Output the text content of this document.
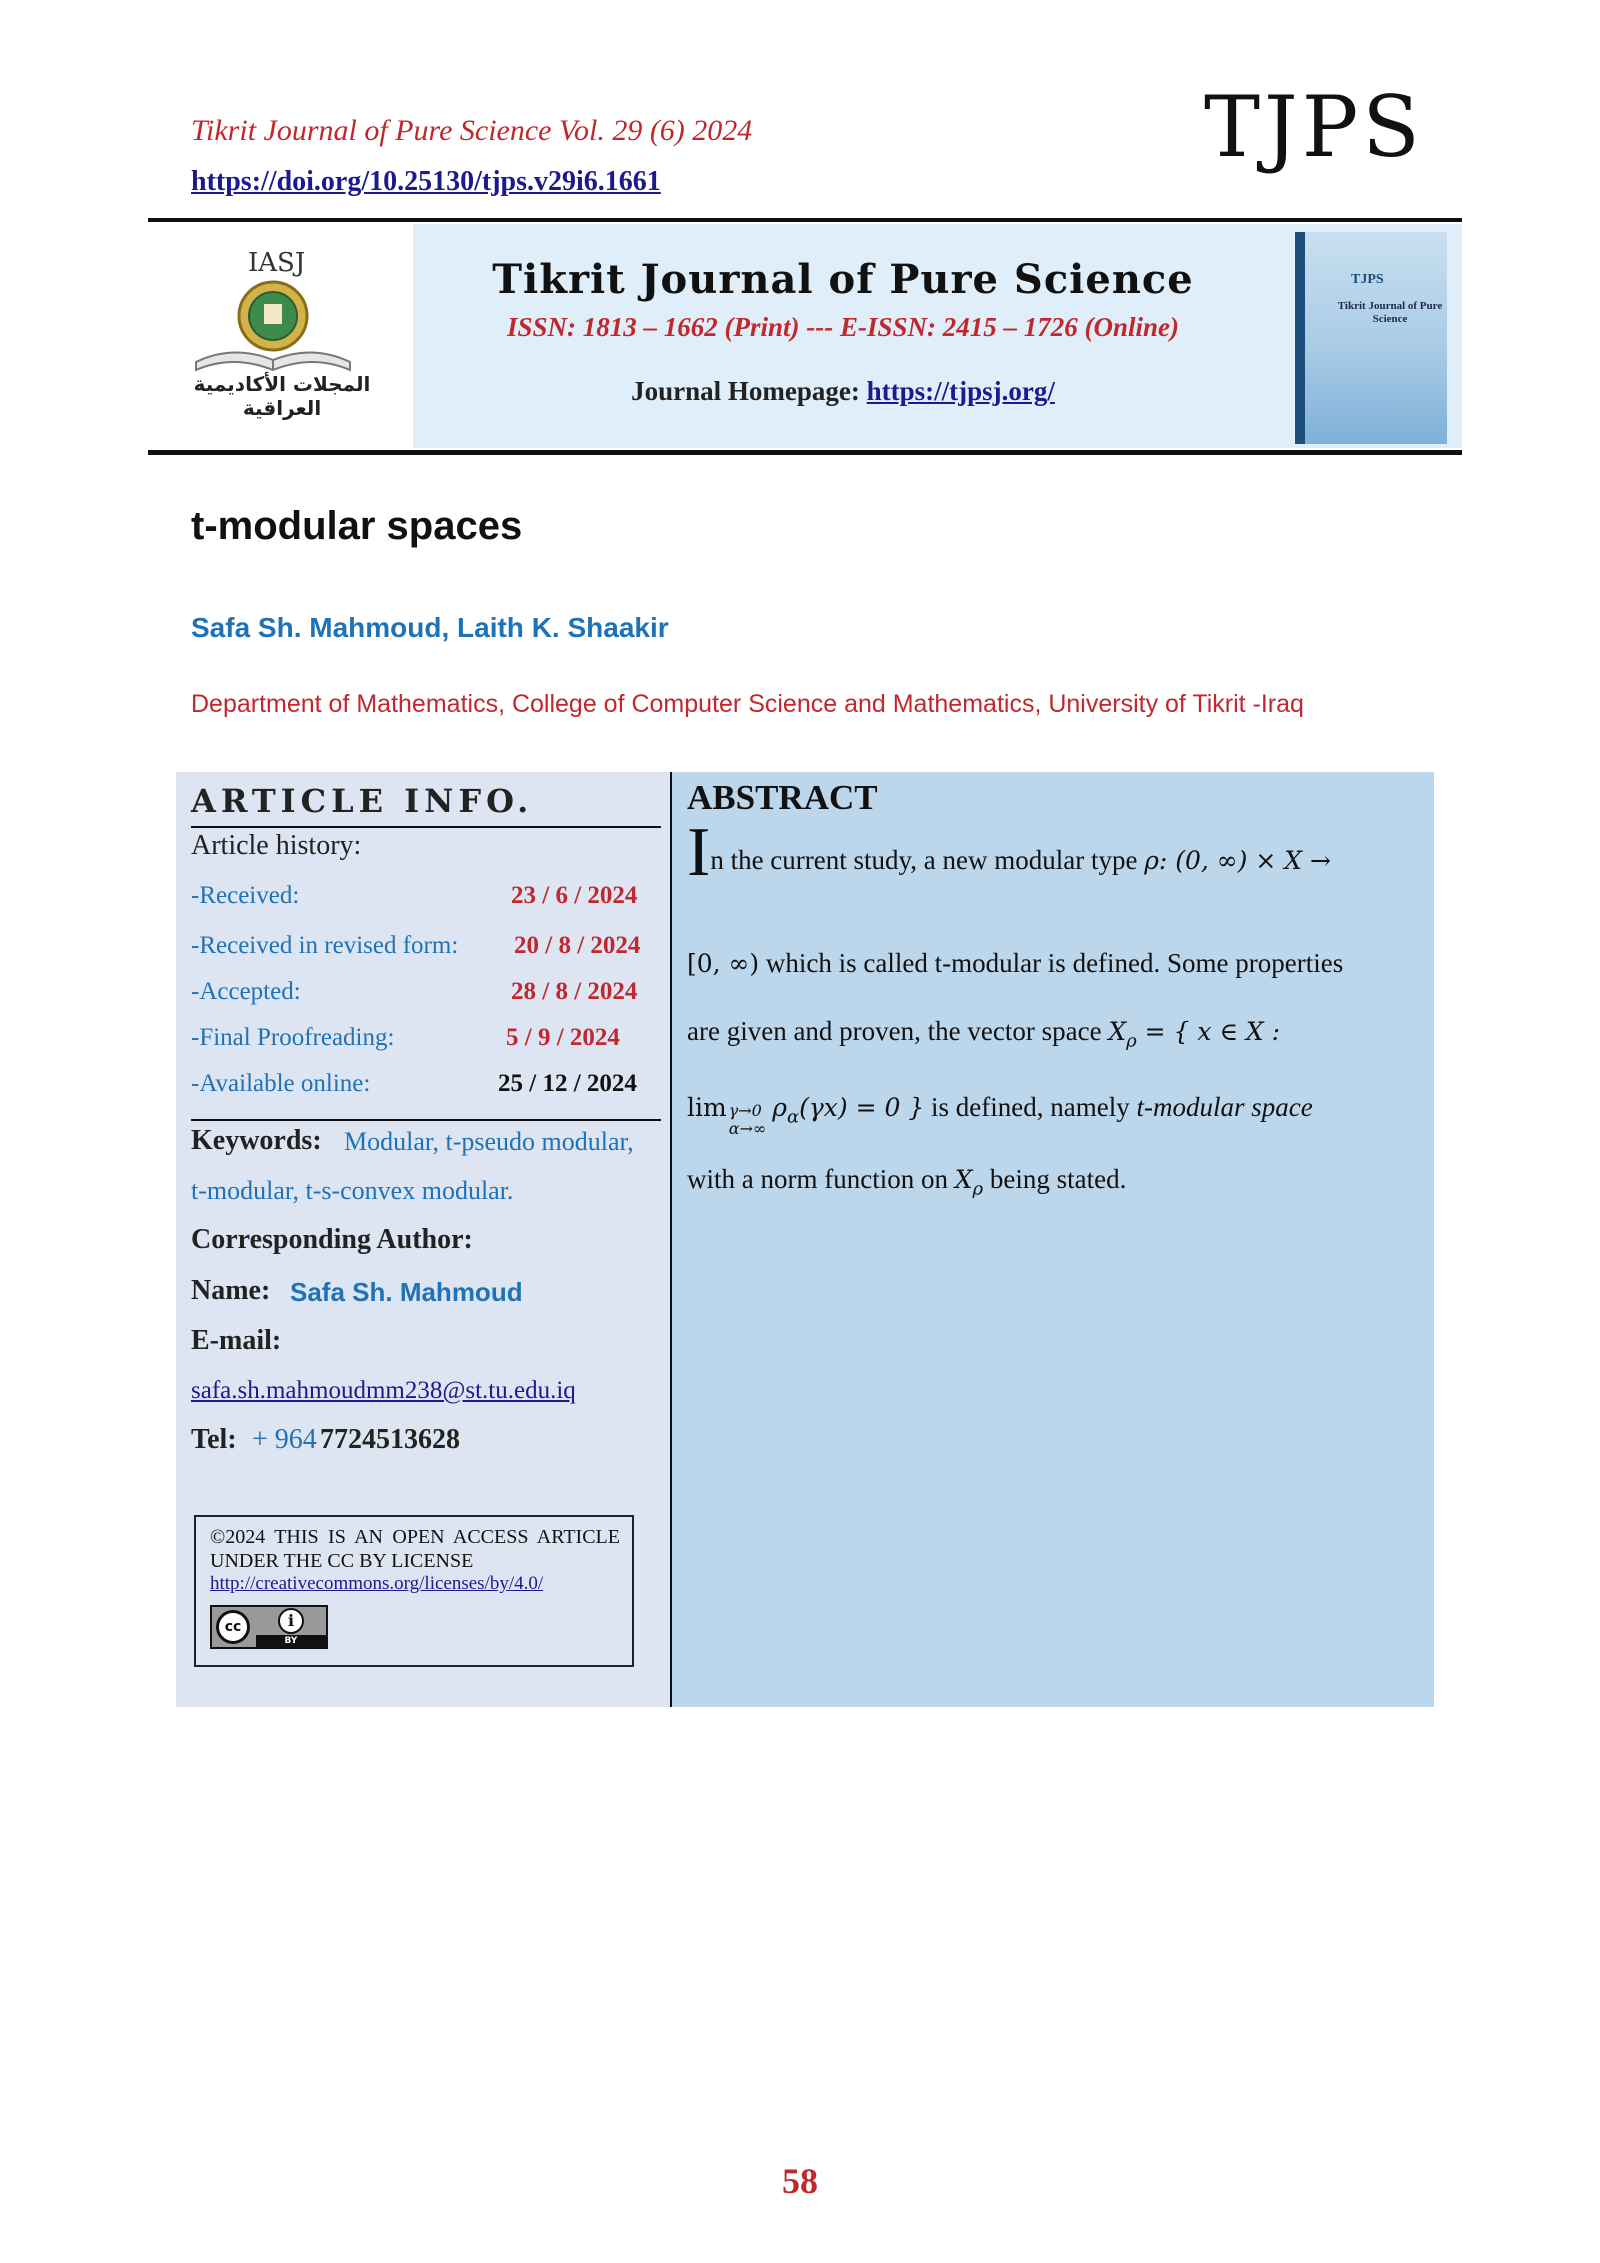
Tikrit Journal of Pure Science Vol. 29 (6) 2024
https://doi.org/10.25130/tjps.v29i6.1661
TJPS
IASJ
المجلات الأكاديمية العراقية
Tikrit Journal of Pure Science
ISSN: 1813 – 1662 (Print) --- E-ISSN: 2415 – 1726 (Online)
Journal Homepage: https://tjpsj.org/
TJPS
Tikrit Journal of Pure Science
t-modular spaces
Safa Sh. Mahmoud, Laith K. Shaakir
Department of Mathematics, College of Computer Science and Mathematics, University of Tikrit -Iraq
ARTICLE INFO.
Article history:
-Received:	23 / 6 / 2024
-Received in revised form: 20 / 8 / 2024
-Accepted:	28 / 8 / 2024
-Final Proofreading:	5 / 9 / 2024
-Available online:	25 / 12 / 2024
Keywords: Modular, t-pseudo modular,
t-modular, t-s-convex modular.
Corresponding Author:
Name: Safa Sh. Mahmoud
E-mail:
safa.sh.mahmoudmm238@st.tu.edu.iq
Tel: + 964 7724513628
©2024 THIS IS AN OPEN ACCESS ARTICLE UNDER THE CC BY LICENSE
http://creativecommons.org/licenses/by/4.0/
cc	i
BY
ABSTRACT
In the current study, a new modular type ρ: (0, ∞) × X →
[0, ∞) which is called t-modular is defined. Some properties
are given and proven, the vector space $X_\rho$ = { x ∈ X :
lim γ→0
$\alpha\to\infty\rho_\alpha(\gamma x) = 0$ } is defined, namely t-modular space
with a norm function on $X_\rho$ being stated.
58
